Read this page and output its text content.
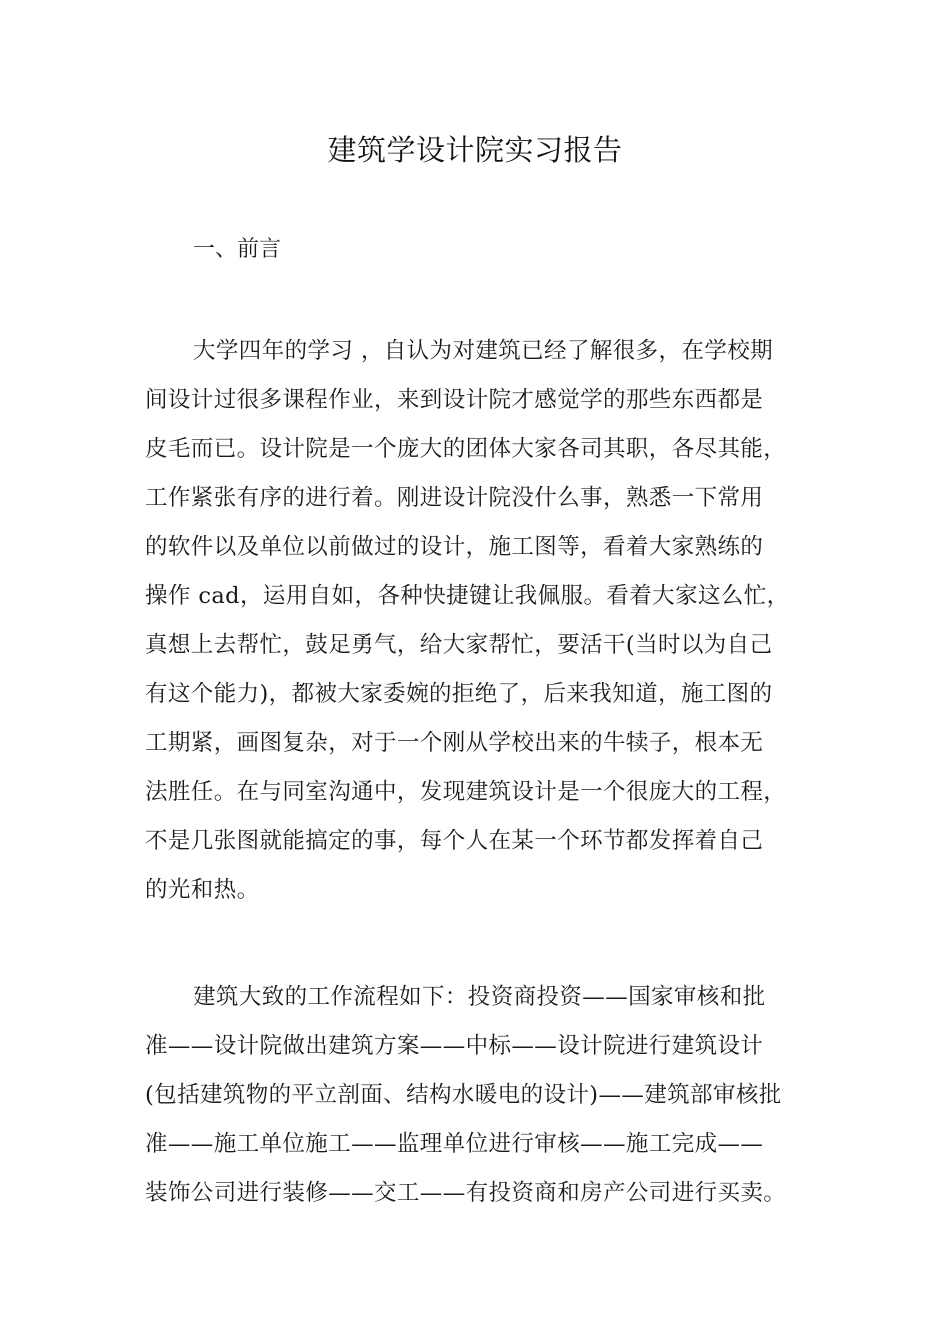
建筑学设计院实习报告

一、前言

大学四年的学习 ，自认为对建筑已经了解很多，在学校期
间设计过很多课程作业，来到设计院才感觉学的那些东西都是
皮毛而已。设计院是一个庞大的团体大家各司其职，各尽其能，
工作紧张有序的进行着。刚进设计院没什么事，熟悉一下常用
的软件以及单位以前做过的设计，施工图等，看着大家熟练的
操作 cad，运用自如，各种快捷键让我佩服。看着大家这么忙，
真想上去帮忙，鼓足勇气，给大家帮忙，要活干(当时以为自己
有这个能力)，都被大家委婉的拒绝了，后来我知道，施工图的
工期紧，画图复杂，对于一个刚从学校出来的牛犊子，根本无
法胜任。在与同室沟通中，发现建筑设计是一个很庞大的工程，
不是几张图就能搞定的事，每个人在某一个环节都发挥着自己
的光和热。
建筑大致的工作流程如下：投资商投资——国家审核和批
准——设计院做出建筑方案——中标——设计院进行建筑设计
(包括建筑物的平立剖面、结构水暖电的设计)——建筑部审核批
准——施工单位施工——监理单位进行审核——施工完成——
装饰公司进行装修——交工——有投资商和房产公司进行买卖。
